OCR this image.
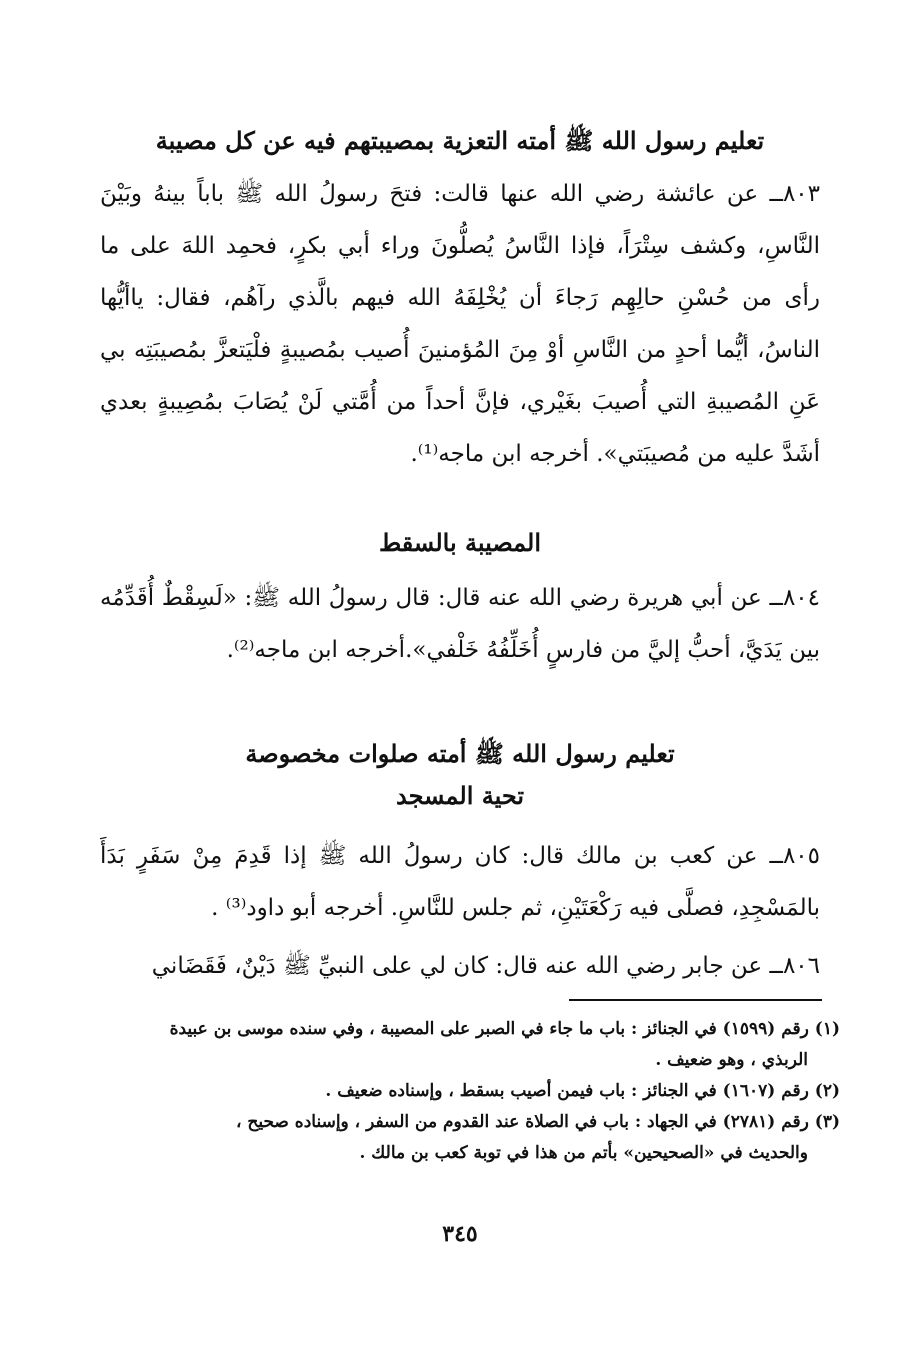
تعليم رسول الله ﷺ أمته التعزية بمصيبتهم فيه عن كل مصيبة

٨٠٣ــ عن عائشة رضي الله عنها قالت: فتحَ رسولُ الله ﷺ باباً بينهُ وبَيْنَ النَّاسِ، وكشف سِتْرَاً، فإذا النَّاسُ يُصلُّونَ وراء أبي بكرٍ، فحمِد اللهَ على ما رأى من حُسْنِ حالِهِم رَجاءَ أن يُخْلِفَهُ الله فيهم بالَّذي رآهُم، فقال: ياأيُّها الناسُ، أيُّما أحدٍ من النَّاسِ أوْ مِنَ المُؤمنينَ أُصيب بمُصيبةٍ فلْيَتعزَّ بمُصيبَتِه بي عَنِ المُصيبةِ التي أُصيبَ بغَيْري، فإنَّ أحداً من أُمَّتي لَنْ يُصَابَ بمُصِيبةٍ بعدي أشَدَّ عليه من مُصيبَتي». أخرجه ابن ماجه⁽¹⁾.

المصيبة بالسقط

٨٠٤ــ عن أبي هريرة رضي الله عنه قال: قال رسولُ الله ﷺ: «لَسِقْطٌ أُقَدِّمُه بين يَدَيَّ، أحبُّ إليَّ من فارسٍ أُخَلِّفُهُ خَلْفي».أخرجه ابن ماجه⁽²⁾.

تعليم رسول الله ﷺ أمته صلوات مخصوصة
تحية المسجد

٨٠٥ــ عن كعب بن مالك قال: كان رسولُ الله ﷺ إذا قَدِمَ مِنْ سَفَرٍ بَدَأَ بالمَسْجِدِ، فصلَّى فيه رَكْعَتَيْنِ، ثم جلس للنَّاسِ. أخرجه أبو داود⁽³⁾ .

٨٠٦ــ عن جابر رضي الله عنه قال: كان لي على النبيِّ ﷺ دَيْنٌ، فَقَضَاني

(١) رقم (١٥٩٩) في الجنائز : باب ما جاء في الصبر على المصيبة ، وفي سنده موسى بن عبيدة
الربذي ، وهو ضعيف .

(٢) رقم (١٦٠٧) في الجنائز : باب فيمن أصيب بسقط ، وإسناده ضعيف .

(٣) رقم (٢٧٨١) في الجهاد : باب في الصلاة عند القدوم من السفر ، وإسناده صحيح ،
والحديث في «الصحيحين» بأتم من هذا في توبة كعب بن مالك .

٣٤٥
